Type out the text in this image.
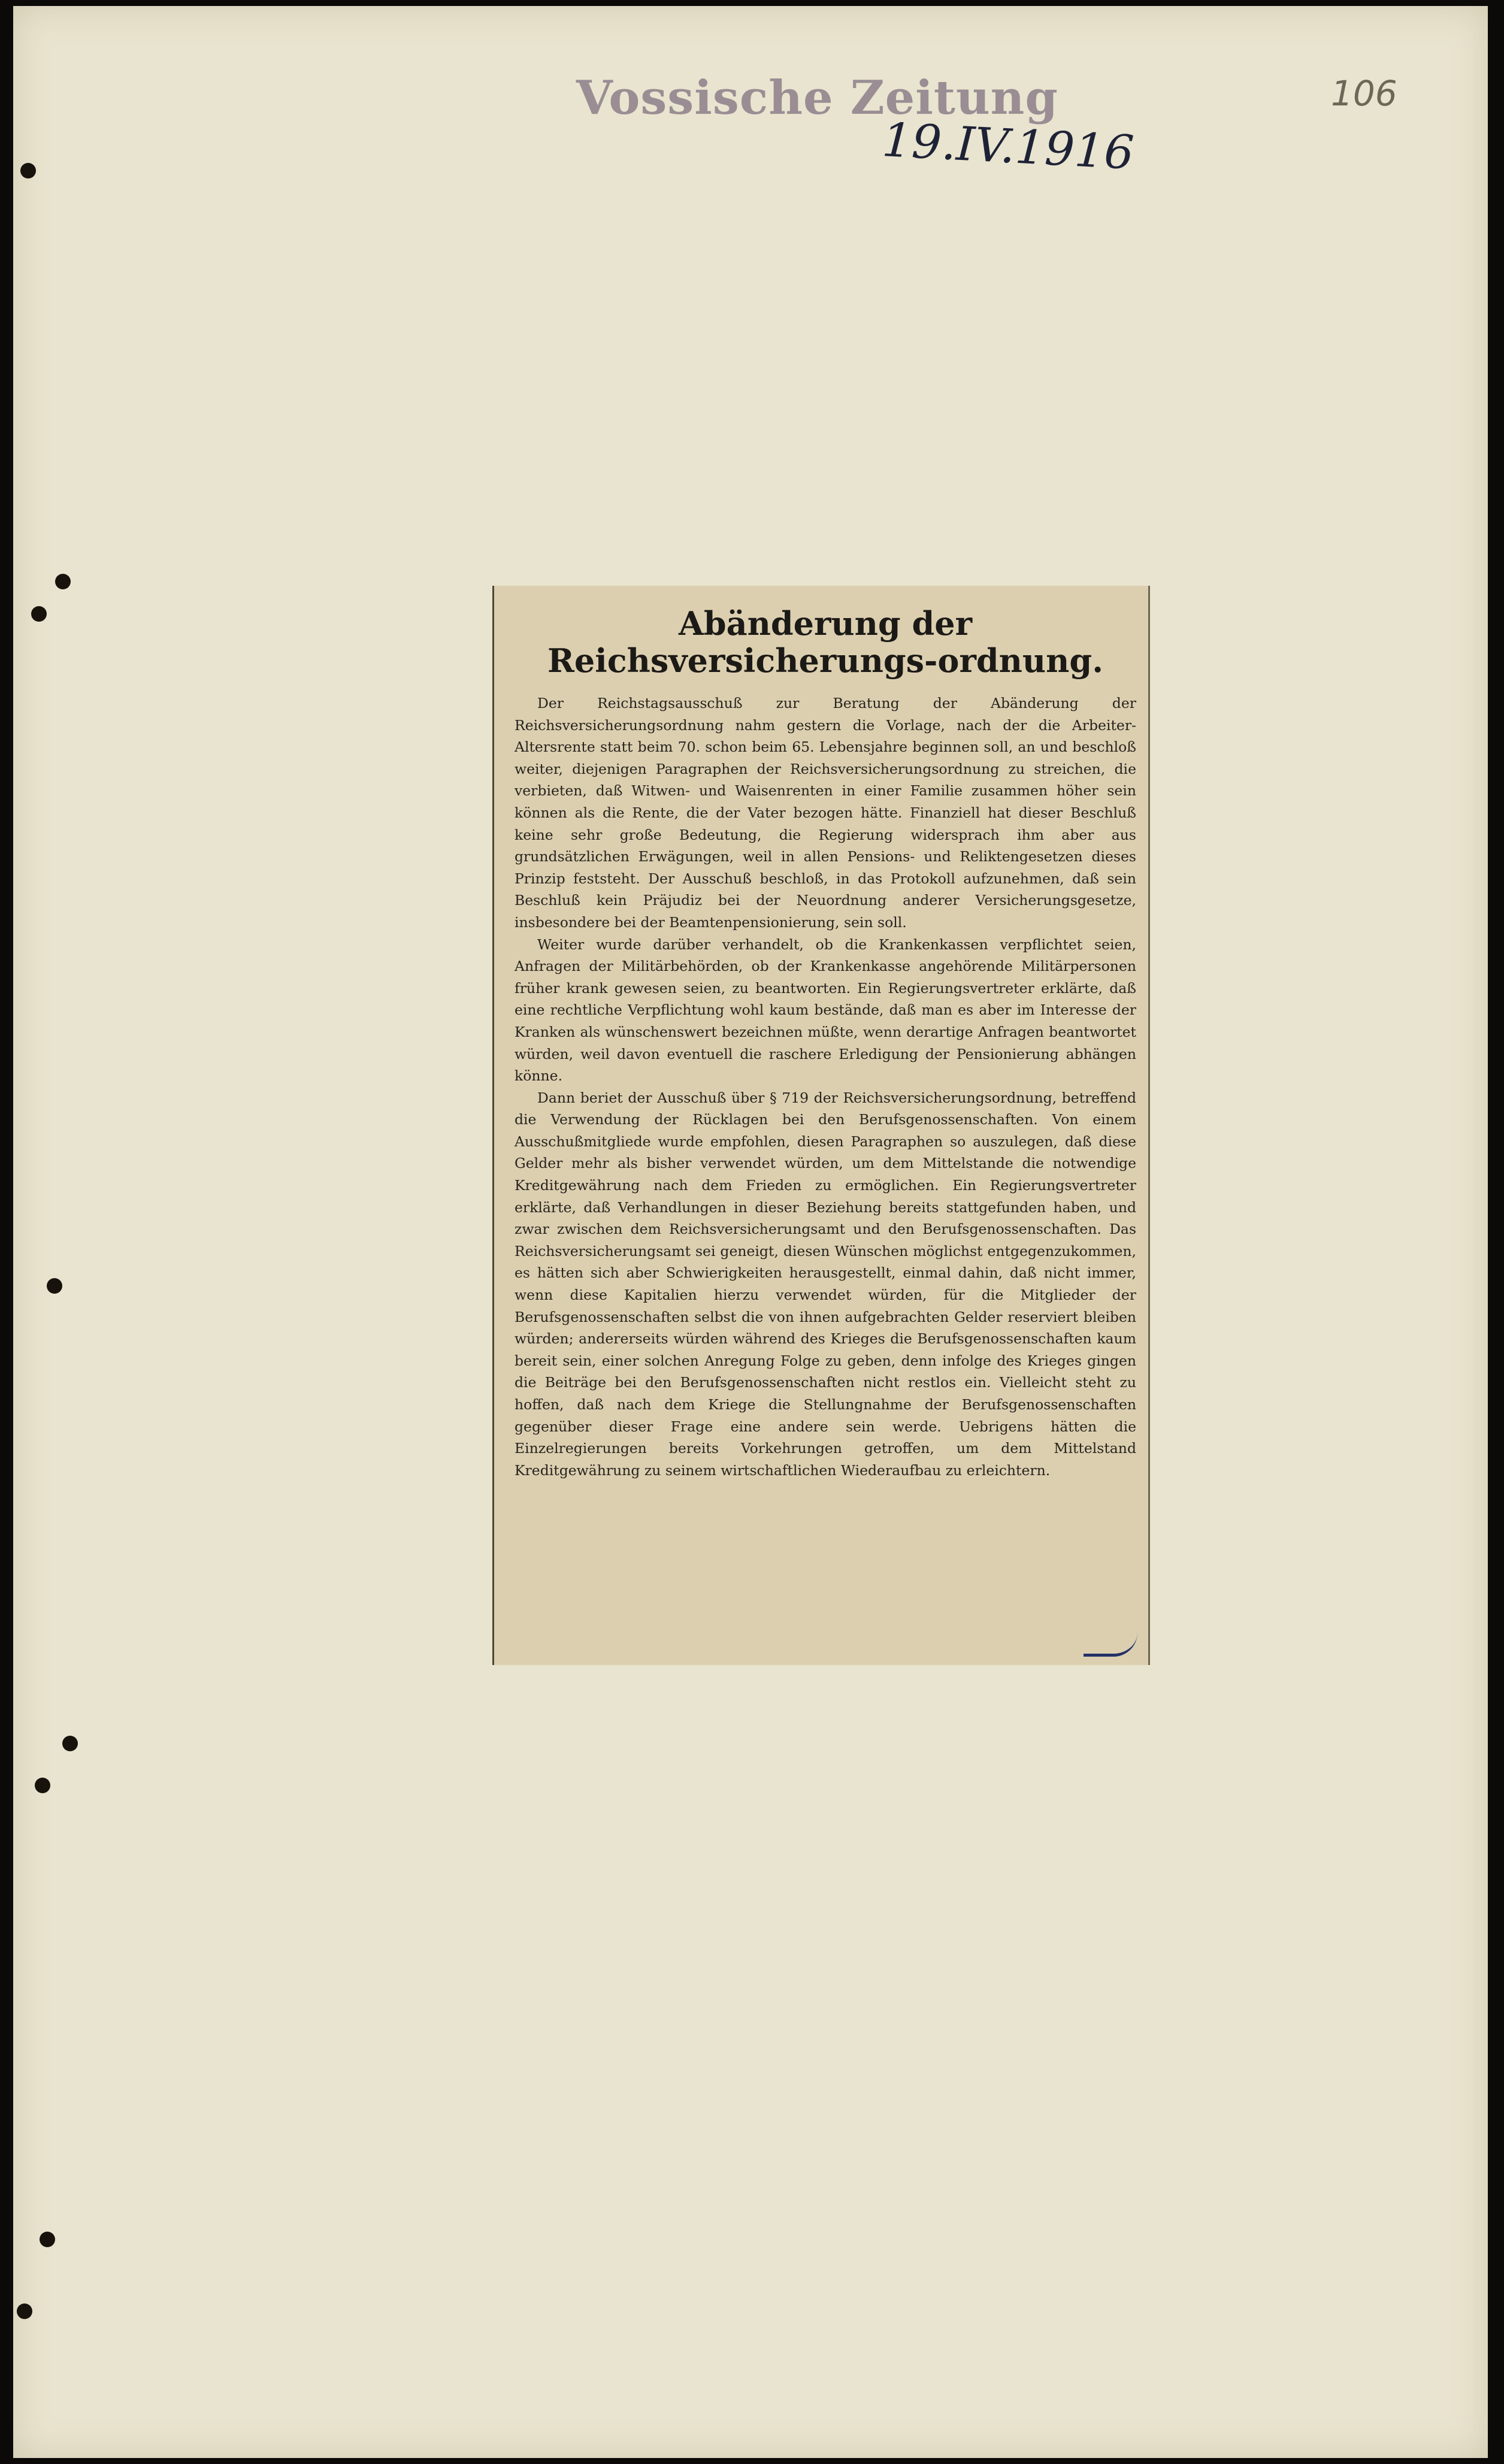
Vossische Zeitung
19.IV.1916
106
Abänderung der Reichsversicherungs-ordnung.

Der Reichstagsausschuß zur Beratung der Abänderung der Reichsversicherungsordnung nahm gestern die Vorlage, nach der die Arbeiter-Altersrente statt beim 70. schon beim 65. Lebensjahre beginnen soll, an und beschloß weiter, diejenigen Paragraphen der Reichsversicherungsordnung zu streichen, die verbieten, daß Witwen- und Waisenrenten in einer Familie zusammen höher sein können als die Rente, die der Vater bezogen hätte. Finanziell hat dieser Beschluß keine sehr große Bedeutung, die Regierung widersprach ihm aber aus grundsätzlichen Erwägungen, weil in allen Pensions- und Reliktengesetzen dieses Prinzip feststeht. Der Ausschuß beschloß, in das Protokoll aufzunehmen, daß sein Beschluß kein Präjudiz bei der Neuordnung anderer Versicherungsgesetze, insbesondere bei der Beamtenpensionierung, sein soll.

Weiter wurde darüber verhandelt, ob die Krankenkassen verpflichtet seien, Anfragen der Militärbehörden, ob der Krankenkasse angehörende Militärpersonen früher krank gewesen seien, zu beantworten. Ein Regierungsvertreter erklärte, daß eine rechtliche Verpflichtung wohl kaum bestände, daß man es aber im Interesse der Kranken als wünschenswert bezeichnen müßte, wenn derartige Anfragen beantwortet würden, weil davon eventuell die raschere Erledigung der Pensionierung abhängen könne.

Dann beriet der Ausschuß über § 719 der Reichsversicherungsordnung, betreffend die Verwendung der Rücklagen bei den Berufsgenossenschaften. Von einem Ausschußmitgliede wurde empfohlen, diesen Paragraphen so auszulegen, daß diese Gelder mehr als bisher verwendet würden, um dem Mittelstande die notwendige Kreditgewährung nach dem Frieden zu ermöglichen. Ein Regierungsvertreter erklärte, daß Verhandlungen in dieser Beziehung bereits stattgefunden haben, und zwar zwischen dem Reichsversicherungsamt und den Berufsgenossenschaften. Das Reichsversicherungsamt sei geneigt, diesen Wünschen möglichst entgegenzukommen, es hätten sich aber Schwierigkeiten herausgestellt, einmal dahin, daß nicht immer, wenn diese Kapitalien hierzu verwendet würden, für die Mitglieder der Berufsgenossenschaften selbst die von ihnen aufgebrachten Gelder reserviert bleiben würden; andererseits würden während des Krieges die Berufsgenossenschaften kaum bereit sein, einer solchen Anregung Folge zu geben, denn infolge des Krieges gingen die Beiträge bei den Berufsgenossenschaften nicht restlos ein. Vielleicht steht zu hoffen, daß nach dem Kriege die Stellungnahme der Berufsgenossenschaften gegenüber dieser Frage eine andere sein werde. Uebrigens hätten die Einzelregierungen bereits Vorkehrungen getroffen, um dem Mittelstand Kreditgewährung zu seinem wirtschaftlichen Wiederaufbau zu erleichtern.
